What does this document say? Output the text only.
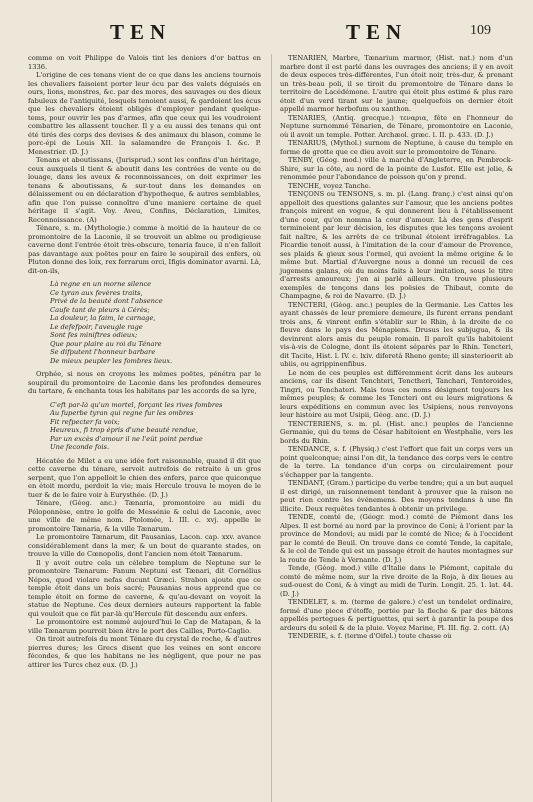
TEN	TEN	109

comme on voit Philippe de Valois tint les deniers d'or battus en 1336.

L'origine de ces tenans vient de ce que dans les anciens tournois les chevaliers faisoient porter leur écu par des valets déguisés en ours, lions, monstres, &c. par des mores, des sauvages ou des dieux fabuleux de l'antiquité, lesquels tenoient aussi, & gardoient les écus que les chevaliers étoient obligés d'employer pendant quelque-tems, pour ouvrir les pas d'armes, afin que ceux qui les voudroient combattre les allassent toucher. Il y a eu aussi des tenans qui ont été tirés des corps des devises & des animaux du blason, comme le porc-épi de Louis XII. la salamandre de François I. &c. P. Menestrier. (D. J.)

Tenans et aboutissans, (Jurisprud.) sont les confins d'un héritage, ceux auxquels il tient & aboutit dans les contrées de vente ou de louage, dans les aveux & reconnoissances, on doit exprimer les tenans & aboutissans, & sur-tout dans les demandes en délaissement ou en déclaration d'hypotheque, & autres semblables, afin que l'on puisse connoître d'une maniere certaine de quel héritage il s'agit. Voy. Aveu, Confins, Déclaration, Limites, Reconnoissance. (A)

Ténare, s. m. (Mythologie.) comme à moitié de la hauteur de ce promontoire de la Laconie, il se trouvoit un abîme ou prodigieuse caverne dont l'entrée étoit très-obscure, tenaria fauce, il n'en falloit pas davantage aux poëtes pour en faire le soupirail des enfers, où Pluton donne des loix, rex ferrarum orci, Ifigis dominator avarni. Là, dit-on-ils,

Là regne en un morne silence
Ce tyran aux fevères traits,
Privé de la beauté dont l'absence
Caufe tant de pleurs à Cérès;
La douleur, la faim, le carnage,
Le defefpoir, l'aveugle rage
Sont fes miniftres odieux;
Que pour plaire au roi du Ténare
Se difputent l'honneur barbare
De mieux peupler les fombres lieux.

Orphée, si nous en croyons les mêmes poëtes, pénétra par le soupirail du promontoire de Laconie dans les profondes demeures du tartare, & enchanta tous les habitans par les accords de sa lyre,

C'eft par-là qu'un mortel, forçant les rives fombres
Au fuperbe tyran qui regne fur les ombres
Fit refpecter fa voix;
Heureux, fi trop épris d'une beauté rendue,
Par un excès d'amour il ne l'eût point perdue
Une feconde fois.

Hécatée de Milet a eu une idée fort raisonnable, quand il dit que cette caverne du ténare, servoit autrefois de retraite à un gros serpent, que l'on appelloit le chien des enfers, parce que quiconque en étoit mordu, perdoit la vie; mais Hercule trouva le moyen de le tuer & de le faire voir à Eurysthée. (D. J.)

Ténare, (Géog. anc.) Tænaria, promontoire au midi du Péloponnèse, entre le golfe de Messénie & celui de Laconie, avec une ville de même nom. Ptolomée, l. III. c. xvj. appelle le promontoire Tænaria, & la ville Tænarum.

Le promontoire Tænarum, dit Pausanias, Lacon. cap. xxv. avance considérablement dans la mer, & un bout de quarante stades, on trouve la ville de Cœnopolis, dont l'ancien nom étoit Tænarum.

Il y avoit outre cela un célebre templum de Neptune sur le promontoire Tænarum: Fanum Neptuni est Tænari, dit Cornélius Népos, quod violare nefas ducunt Græci. Strabon ajoute que ce temple étoit dans un bois sacré; Pausanias nous apprend que ce temple étoit en forme de caverne, & qu'au-devant on voyoit la statue de Neptune. Ces deux derniers auteurs rapportent la fable qui vouloit que ce fût par-là qu'Hercule fût descendu aux enfers.

Le promontoire est nommé aujourd'hui le Cap de Matapan, & la ville Tænarum pourroit bien être le port des Cailles, Porto-Caglio.

On tiroit autrefois du mont Ténare du crystal de roche, & d'autres pierres dures; les Grecs disent que les veines en sont encore fécondes, & que les habitans ne les négligent, que pour ne pas attirer les Turcs chez eux. (D. J.)

TENARIEN, Marbre, Tænarium marmor, (Hist. nat.) nom d'un marbre dont il est parlé dans les ouvrages des anciens; il y en avoit de deux especes très-différentes, l'un étoit noir, très-dur, & prenant un très-beau poli, il se tiroit du promontoire de Ténare dans le territoire de Lacédémone. L'autre qui étoit plus estimé & plus rare étoit d'un verd tirant sur le jaune; quelquefois on dernier étoit appellé marmor herbofum ou xanthon.

TENARIES, (Antiq. grecque.) τεναρια, fête en l'honneur de Neptune surnommé Ténarien, de Ténare, promontoire en Laconie, où il avoit un temple. Potter. Archæol. græc. l. II. p. 433. (D. J.)

TENARIUS, (Mythol.) surnom de Neptune, à cause du temple en forme de grotte que ce dieu avoit sur le promontoire de Ténare.

TENBY, (Géog. mod.) ville à marché d'Angleterre, en Pembrock-Shire, sur la côte, au nord de la pointe de Lusfot. Elle est jolie, & renommée pour l'abondance de poisson qu'on y prend.

TENCHE, voyez Tanche.

TENÇONS ou TENSONS, s. m. pl. (Lang. franç.) c'est ainsi qu'on appelloit des questions galantes sur l'amour, que les anciens poëtes françois mirent en vogue, & qui donnerent lieu à l'établissement d'une cour, qu'on nomma la cour d'amour. Là des gens d'esprit terminoient par leur décision, les disputes que les tençons avoient fait naître, & les arrêts de ce tribunal étoient irréfragables. La Picardie tenoit aussi, à l'imitation de la cour d'amour de Provence, ses plaids & gieux sous l'ormel, qui avoient la même origine & le même but. Martial d'Auvergne nous a donné un recueil de ces jugemens galans, où du moins faits à leur imitation, sous le titre d'arrests amoureux; j'en ai parlé ailleurs. On trouve plusieurs exemples de tençons dans les poësies de Thibaut, comte de Champagne, & roi de Navarre. (D. J.)

TENCTERI, (Géog. anc.) peuples de la Germanie. Les Cattes les ayant chassés de leur premiere demeure, ils furent errans pendant trois ans, & vinrent enfin s'établir sur le Rhin, à la droite de ce fleuve dans le pays des Ménapiens. Drusus les subjugua, & ils devinrent alors amis du peuple romain. Il paroît qu'ils habitoient vis-à-vis de Cologne, dont ils étoient séparés par le Rhin. Tencteri, dit Tacite, Hist. l. IV. c. lxiv. diferetâ Rheno gente; ill sinsterioerit ab ubiis, ou agrippinenfibus.

Le nom de ces peuples est différemment écrit dans les auteurs anciens, car ils disent Tenchteri, Tenctheri, Tanchari, Tenteroides, Tingri, ou Tenchateri. Mais tous ces noms désignent toujours les mêmes peuples; & comme les Tencteri ont eu leurs migrations & leurs expéditions en commun avec les Usipiens, nous renvoyons leur histoire au mot Usipii, Géog. anc. (D. J.)

TENCTERIENS, s. m. pl. (Hist. anc.) peuples de l'ancienne Germanie, qui du tems de César habitoient en Westphalie, vers les bords du Rhin.

TENDANCE, s. f. (Physiq.) c'est l'effort que fait un corps vers un point quelconque; ainsi l'on dit, la tendance des corps vers le centre de la terre. La tendance d'un corps ou circulairement pour s'échapper par la tangente.

TENDANT, (Gram.) participe du verbe tendre; qui a un but auquel il est dirigé, un raisonnement tendant à prouver que la raison ne peut rien contre les événemens. Des moyens tendans à une fin illicite. Deux requêtes tendantes à obtenir un privilege.

TENDE, comté de, (Géogr. mod.) comté de Piémont dans les Alpes. Il est borné au nord par la province de Coni; à l'orient par la province de Mondovi; au midi par le comté de Nice; & à l'occident par le comté de Beuil. On trouve dans ce comté Tende, la capitale, & le col de Tende qui est un passage étroit de hautes montagnes sur la route de Tende à Vernante. (D. J.)

Tende, (Géog. mod.) ville d'Italie dans le Piémont, capitale du comté de même nom, sur la rive droite de la Roja, à dix lieues au sud-ouest de Coni, & à vingt au midi de Turin. Longit. 25. 1. lat. 44. (D. J.)

TENDELET, s. m. (terme de galere.) c'est un tendelet ordinaire, formé d'une piece d'étoffe, portée par la fleche & par des bâtons appellés pertegues & pertiguettes, qui sert à garantir la poupe des ardeurs du soleil & de la pluie. Voyez Marine, Pl. III. fig. 2. cott. (A)

TENDERIE, s. f. (terme d'Oifel.) toute chasse où
